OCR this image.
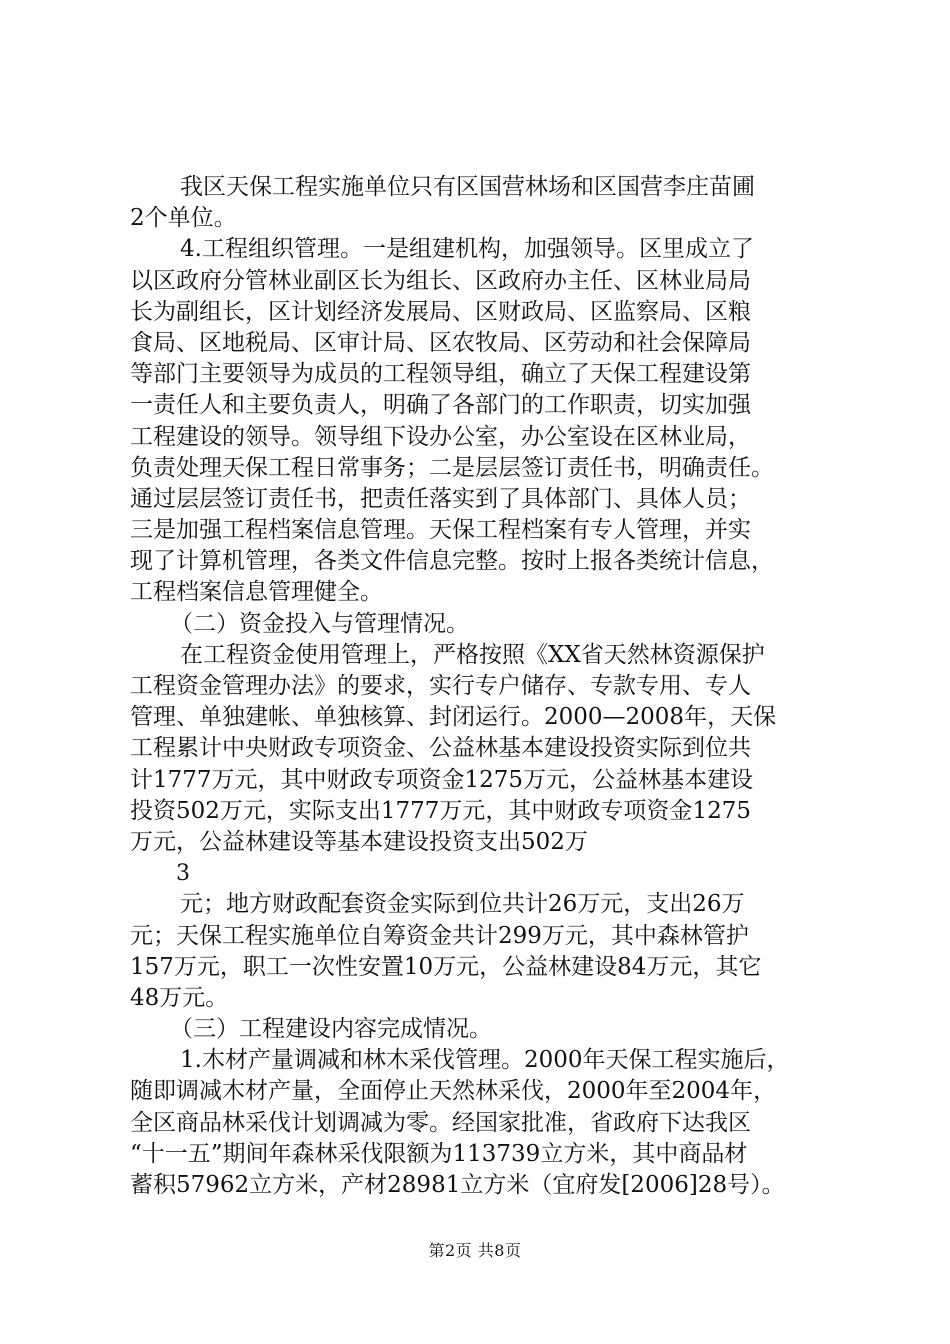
我区天保工程实施单位只有区国营林场和区国营李庄苗圃
2个单位。
4.工程组织管理。一是组建机构，加强领导。区里成立了
以区政府分管林业副区长为组长、区政府办主任、区林业局局
长为副组长，区计划经济发展局、区财政局、区监察局、区粮
食局、区地税局、区审计局、区农牧局、区劳动和社会保障局
等部门主要领导为成员的工程领导组，确立了天保工程建设第
一责任人和主要负责人，明确了各部门的工作职责，切实加强
工程建设的领导。领导组下设办公室，办公室设在区林业局，
负责处理天保工程日常事务；二是层层签订责任书，明确责任。
通过层层签订责任书，把责任落实到了具体部门、具体人员；
三是加强工程档案信息管理。天保工程档案有专人管理，并实
现了计算机管理，各类文件信息完整。按时上报各类统计信息，
工程档案信息管理健全。
（二）资金投入与管理情况。
在工程资金使用管理上，严格按照《XX省天然林资源保护
工程资金管理办法》的要求，实行专户储存、专款专用、专人
管理、单独建帐、单独核算、封闭运行。2000—2008年，天保
工程累计中央财政专项资金、公益林基本建设投资实际到位共
计1777万元，其中财政专项资金1275万元，公益林基本建设
投资502万元，实际支出1777万元，其中财政专项资金1275
万元，公益林建设等基本建设投资支出502万
3
元；地方财政配套资金实际到位共计26万元，支出26万
元；天保工程实施单位自筹资金共计299万元，其中森林管护
157万元，职工一次性安置10万元，公益林建设84万元，其它
48万元。
（三）工程建设内容完成情况。
1.木材产量调减和林木采伐管理。2000年天保工程实施后，
随即调减木材产量，全面停止天然林采伐，2000年至2004年，
全区商品林采伐计划调减为零。经国家批准，省政府下达我区
“十一五”期间年森林采伐限额为113739立方米，其中商品材
蓄积57962立方米，产材28981立方米（宜府发[2006]28号）。
第2页 共8页
